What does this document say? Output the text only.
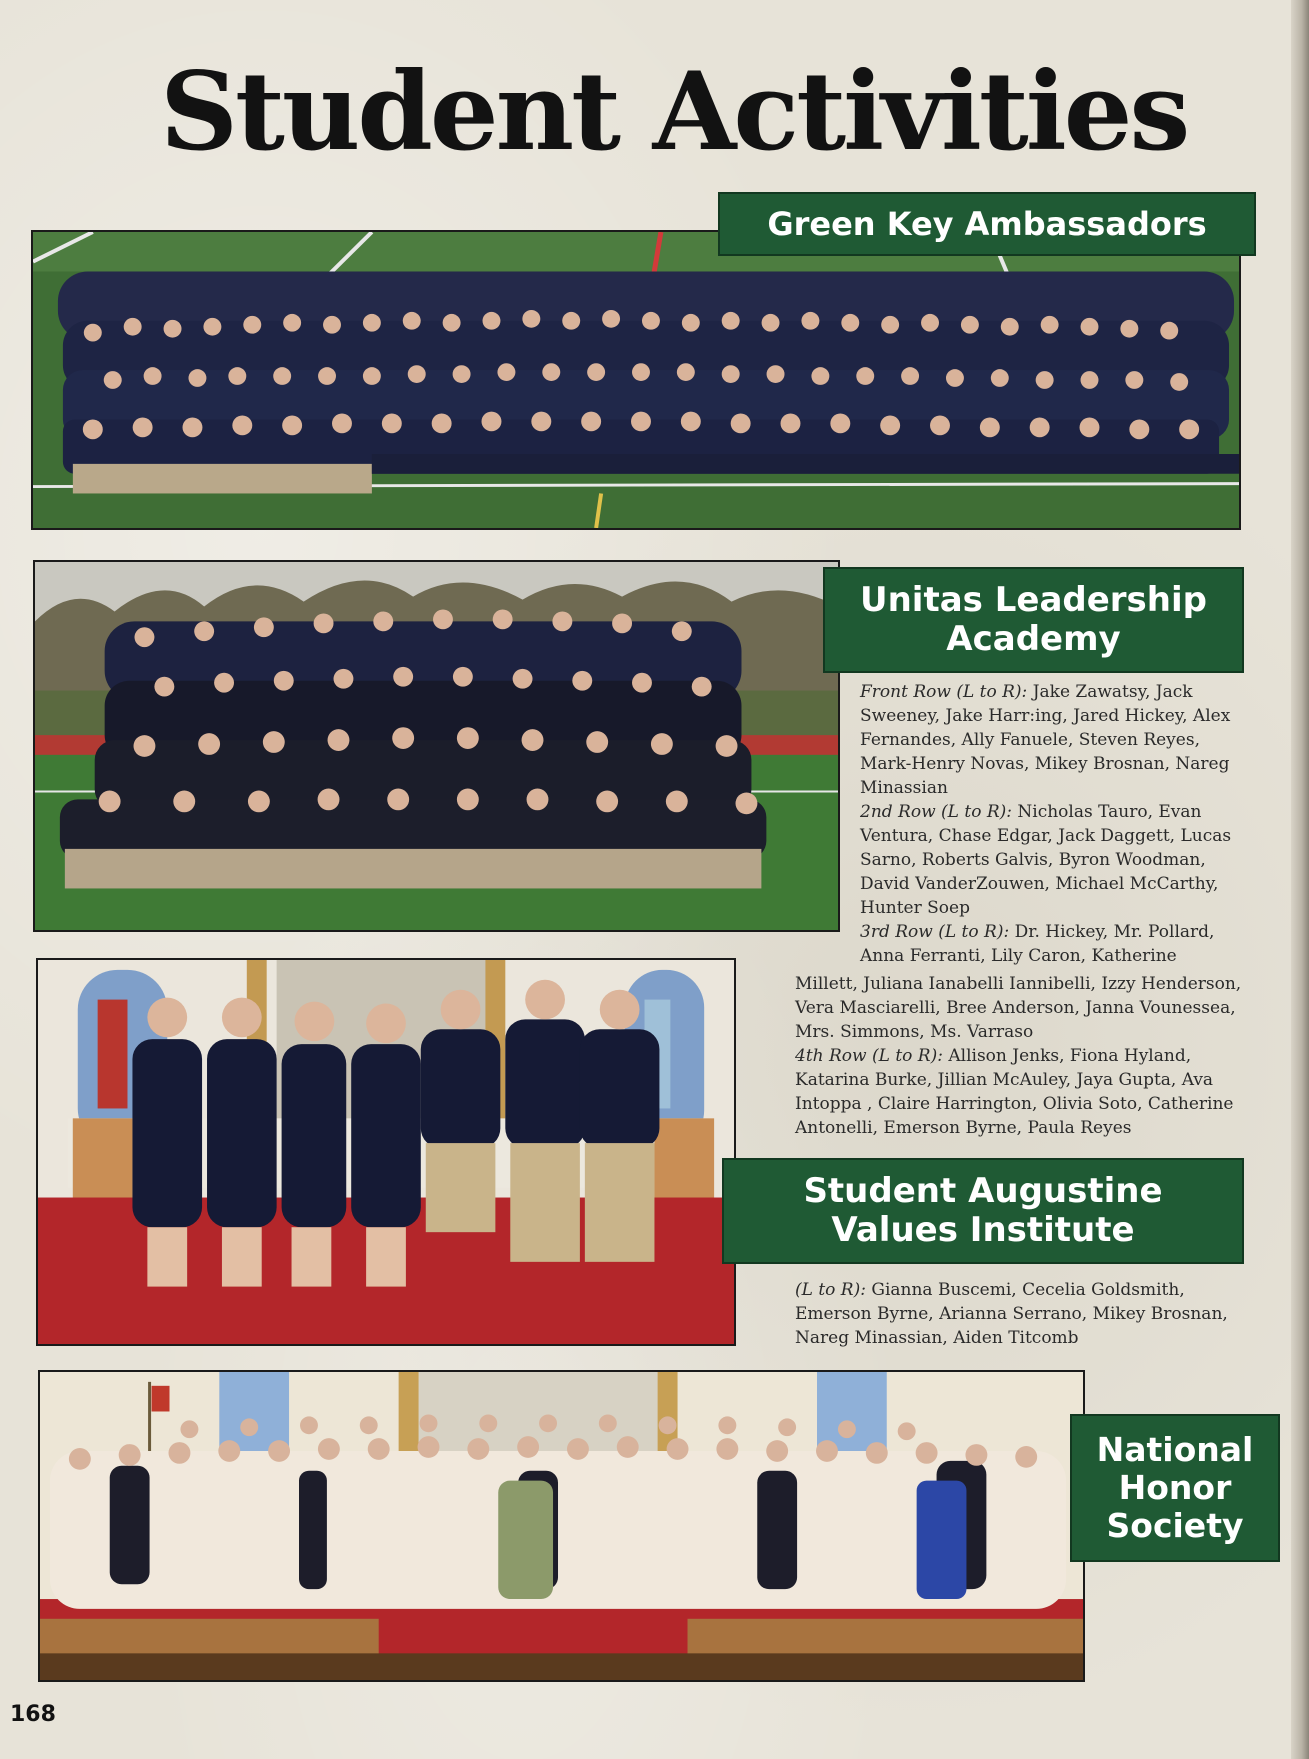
Student Activities
Green Key Ambassadors
Unitas Leadership
Academy

Front Row (L to R): Jake Zawatsy, Jack Sweeney, Jake Harr:ing, Jared Hickey, Alex Fernandes, Ally Fanuele, Steven Reyes, Mark-Henry Novas, Mikey Brosnan, Nareg Minassian

2nd Row (L to R): Nicholas Tauro, Evan Ventura, Chase Edgar, Jack Daggett, Lucas Sarno, Roberts Galvis, Byron Woodman, David VanderZouwen, Michael McCarthy, Hunter Soep

3rd Row (L to R): Dr. Hickey, Mr. Pollard, Anna Ferranti, Lily Caron, Katherine

Millett, Juliana Ianabelli Iannibelli, Izzy Henderson, Vera Masciarelli, Bree Anderson, Janna Vounessea, Mrs. Simmons, Ms. Varraso

4th Row (L to R): Allison Jenks, Fiona Hyland, Katarina Burke, Jillian McAuley, Jaya Gupta, Ava Intoppa , Claire Harrington, Olivia Soto, Catherine Antonelli, Emerson Byrne, Paula Reyes

Student Augustine
Values Institute

(L to R): Gianna Buscemi, Cecelia Goldsmith, Emerson Byrne, Arianna Serrano, Mikey Brosnan, Nareg Minassian, Aiden Titcomb

National
Honor
Society
168
